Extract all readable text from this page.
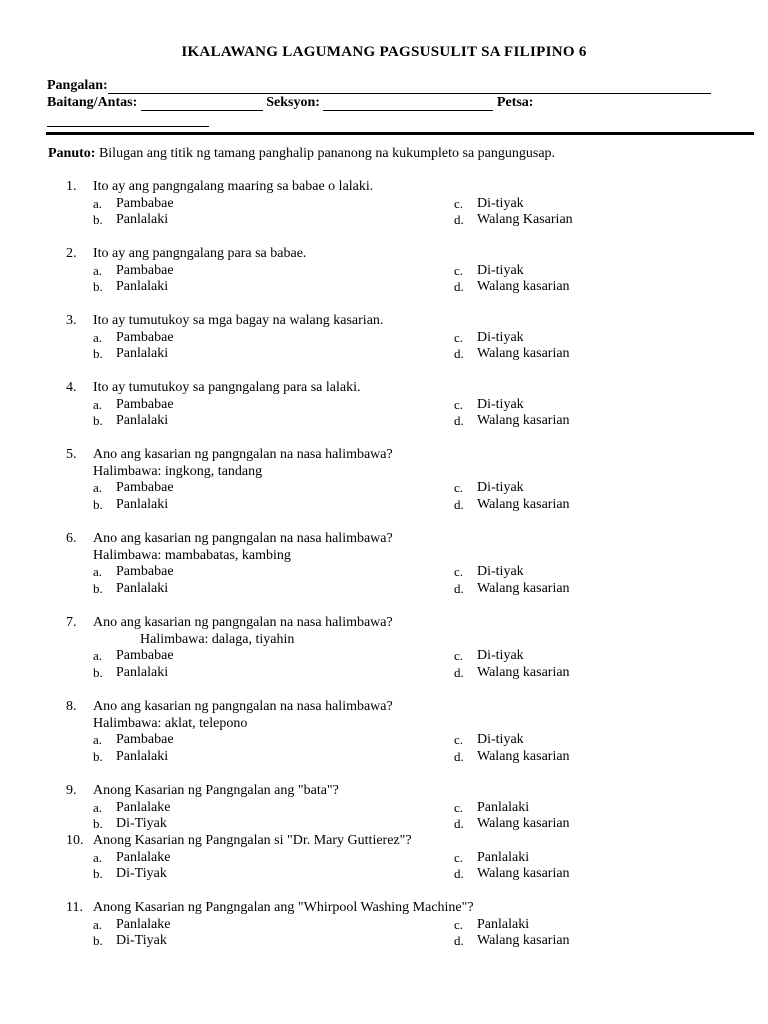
IKALAWANG LAGUMANG PAGSUSULIT SA FILIPINO 6
Pangalan:
Baitang/Antas:	Seksyon:	Petsa:
Panuto: Bilugan ang titik ng tamang panghalip pananong na kukumpleto sa pangungusap.
1. Ito ay ang pangngalang maaring sa babae o lalaki.
a. Pambabae	c. Di-tiyak
b. Panlalaki	d. Walang Kasarian
2. Ito ay ang pangngalang para sa babae.
a. Pambabae	c. Di-tiyak
b. Panlalaki	d. Walang kasarian
3. Ito ay tumutukoy sa mga bagay na walang kasarian.
a. Pambabae	c. Di-tiyak
b. Panlalaki	d. Walang kasarian
4. Ito ay tumutukoy sa pangngalang para sa lalaki.
a. Pambabae	c. Di-tiyak
b. Panlalaki	d. Walang kasarian
5. Ano ang kasarian ng pangngalan na nasa halimbawa?
Halimbawa: ingkong, tandang
a. Pambabae	c. Di-tiyak
b. Panlalaki	d. Walang kasarian
6. Ano ang kasarian ng pangngalan na nasa halimbawa?
Halimbawa: mambabatas, kambing
a. Pambabae	c. Di-tiyak
b. Panlalaki	d. Walang kasarian
7. Ano ang kasarian ng pangngalan na nasa halimbawa?
Halimbawa: dalaga, tiyahin
a. Pambabae	c. Di-tiyak
b. Panlalaki	d. Walang kasarian
8. Ano ang kasarian ng pangngalan na nasa halimbawa?
Halimbawa: aklat, telepono
a. Pambabae	c. Di-tiyak
b. Panlalaki	d. Walang kasarian
9. Anong Kasarian ng Pangngalan ang "bata"?
a. Panlalake	c. Panlalaki
b. Di-Tiyak	d. Walang kasarian
10. Anong Kasarian ng Pangngalan si "Dr. Mary Guttierez"?
a. Panlalake	c. Panlalaki
b. Di-Tiyak	d. Walang kasarian
11. Anong Kasarian ng Pangngalan ang "Whirpool Washing Machine"?
a. Panlalake	c. Panlalaki
b. Di-Tiyak	d. Walang kasarian
